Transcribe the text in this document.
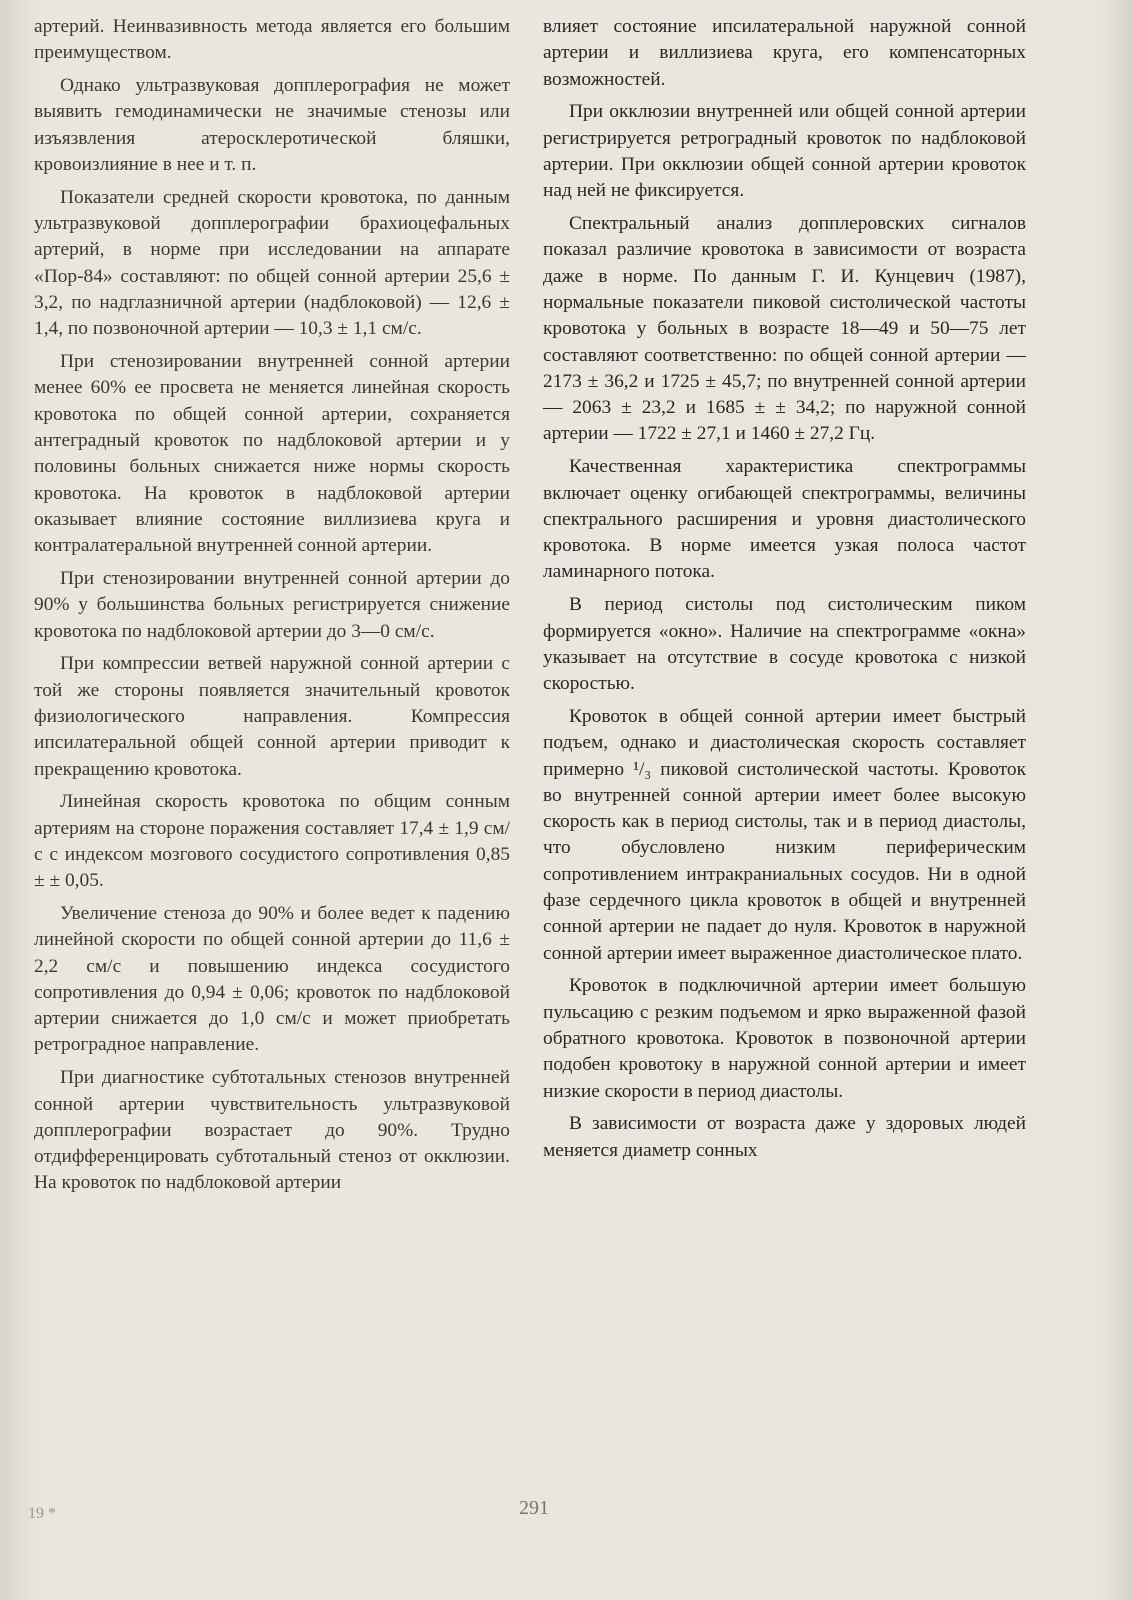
артерий. Неинвазивность метода является его большим преимуществом.

Однако ультразвуковая допплерография не может выявить гемодинамически не значимые стенозы или изъязвления атеросклеротической бляшки, кровоизлияние в нее и т. п.

Показатели средней скорости кровотока, по данным ультразвуковой допплерографии брахиоцефальных артерий, в норме при исследовании на аппарате «Пор-84» составляют: по общей сонной артерии 25,6 ± 3,2, по надглазничной артерии (надблоковой) — 12,6 ± 1,4, по позвоночной артерии — 10,3 ± 1,1 см/с.

При стенозировании внутренней сонной артерии менее 60% ее просвета не меняется линейная скорость кровотока по общей сонной артерии, сохраняется антеградный кровоток по надблоковой артерии и у половины больных снижается ниже нормы скорость кровотока. На кровоток в надблоковой артерии оказывает влияние состояние виллизиева круга и контралатеральной внутренней сонной артерии.

При стенозировании внутренней сонной артерии до 90% у большинства больных регистрируется снижение кровотока по надблоковой артерии до 3—0 см/с.

При компрессии ветвей наружной сонной артерии с той же стороны появляется значительный кровоток физиологического направления. Компрессия ипсилатеральной общей сонной артерии приводит к прекращению кровотока.

Линейная скорость кровотока по общим сонным артериям на стороне поражения составляет 17,4 ± 1,9 см/с с индексом мозгового сосудистого сопротивления 0,85 ± ± 0,05.

Увеличение стеноза до 90% и более ведет к падению линейной скорости по общей сонной артерии до 11,6 ± 2,2 см/с и повышению индекса сосудистого сопротивления до 0,94 ± 0,06; кровоток по надблоковой артерии снижается до 1,0 см/с и может приобретать ретроградное направление.

При диагностике субтотальных стенозов внутренней сонной артерии чувствительность ультразвуковой допплерографии возрастает до 90%. Трудно отдифференцировать субтотальный стеноз от окклюзии. На кровоток по надблоковой артерии

влияет состояние ипсилатеральной наружной сонной артерии и виллизиева круга, его компенсаторных возможностей.

При окклюзии внутренней или общей сонной артерии регистрируется ретроградный кровоток по надблоковой артерии. При окклюзии общей сонной артерии кровоток над ней не фиксируется.

Спектральный анализ допплеровских сигналов показал различие кровотока в зависимости от возраста даже в норме. По данным Г. И. Кунцевич (1987), нормальные показатели пиковой систолической частоты кровотока у больных в возрасте 18—49 и 50—75 лет составляют соответственно: по общей сонной артерии — 2173 ± 36,2 и 1725 ± 45,7; по внутренней сонной артерии — 2063 ± 23,2 и 1685 ± ± 34,2; по наружной сонной артерии — 1722 ± 27,1 и 1460 ± 27,2 Гц.

Качественная характеристика спектрограммы включает оценку огибающей спектрограммы, величины спектрального расширения и уровня диастолического кровотока. В норме имеется узкая полоса частот ламинарного потока.

В период систолы под систолическим пиком формируется «окно». Наличие на спектрограмме «окна» указывает на отсутствие в сосуде кровотока с низкой скоростью.

Кровоток в общей сонной артерии имеет быстрый подъем, однако и диастолическая скорость составляет примерно ¹/₃ пиковой систолической частоты. Кровоток во внутренней сонной артерии имеет более высокую скорость как в период систолы, так и в период диастолы, что обусловлено низким периферическим сопротивлением интракраниальных сосудов. Ни в одной фазе сердечного цикла кровоток в общей и внутренней сонной артерии не падает до нуля. Кровоток в наружной сонной артерии имеет выраженное диастолическое плато.

Кровоток в подключичной артерии имеет большую пульсацию с резким подъемом и ярко выраженной фазой обратного кровотока. Кровоток в позвоночной артерии подобен кровотоку в наружной сонной артерии и имеет низкие скорости в период диастолы.

В зависимости от возраста даже у здоровых людей меняется диаметр сонных

19 *	291
